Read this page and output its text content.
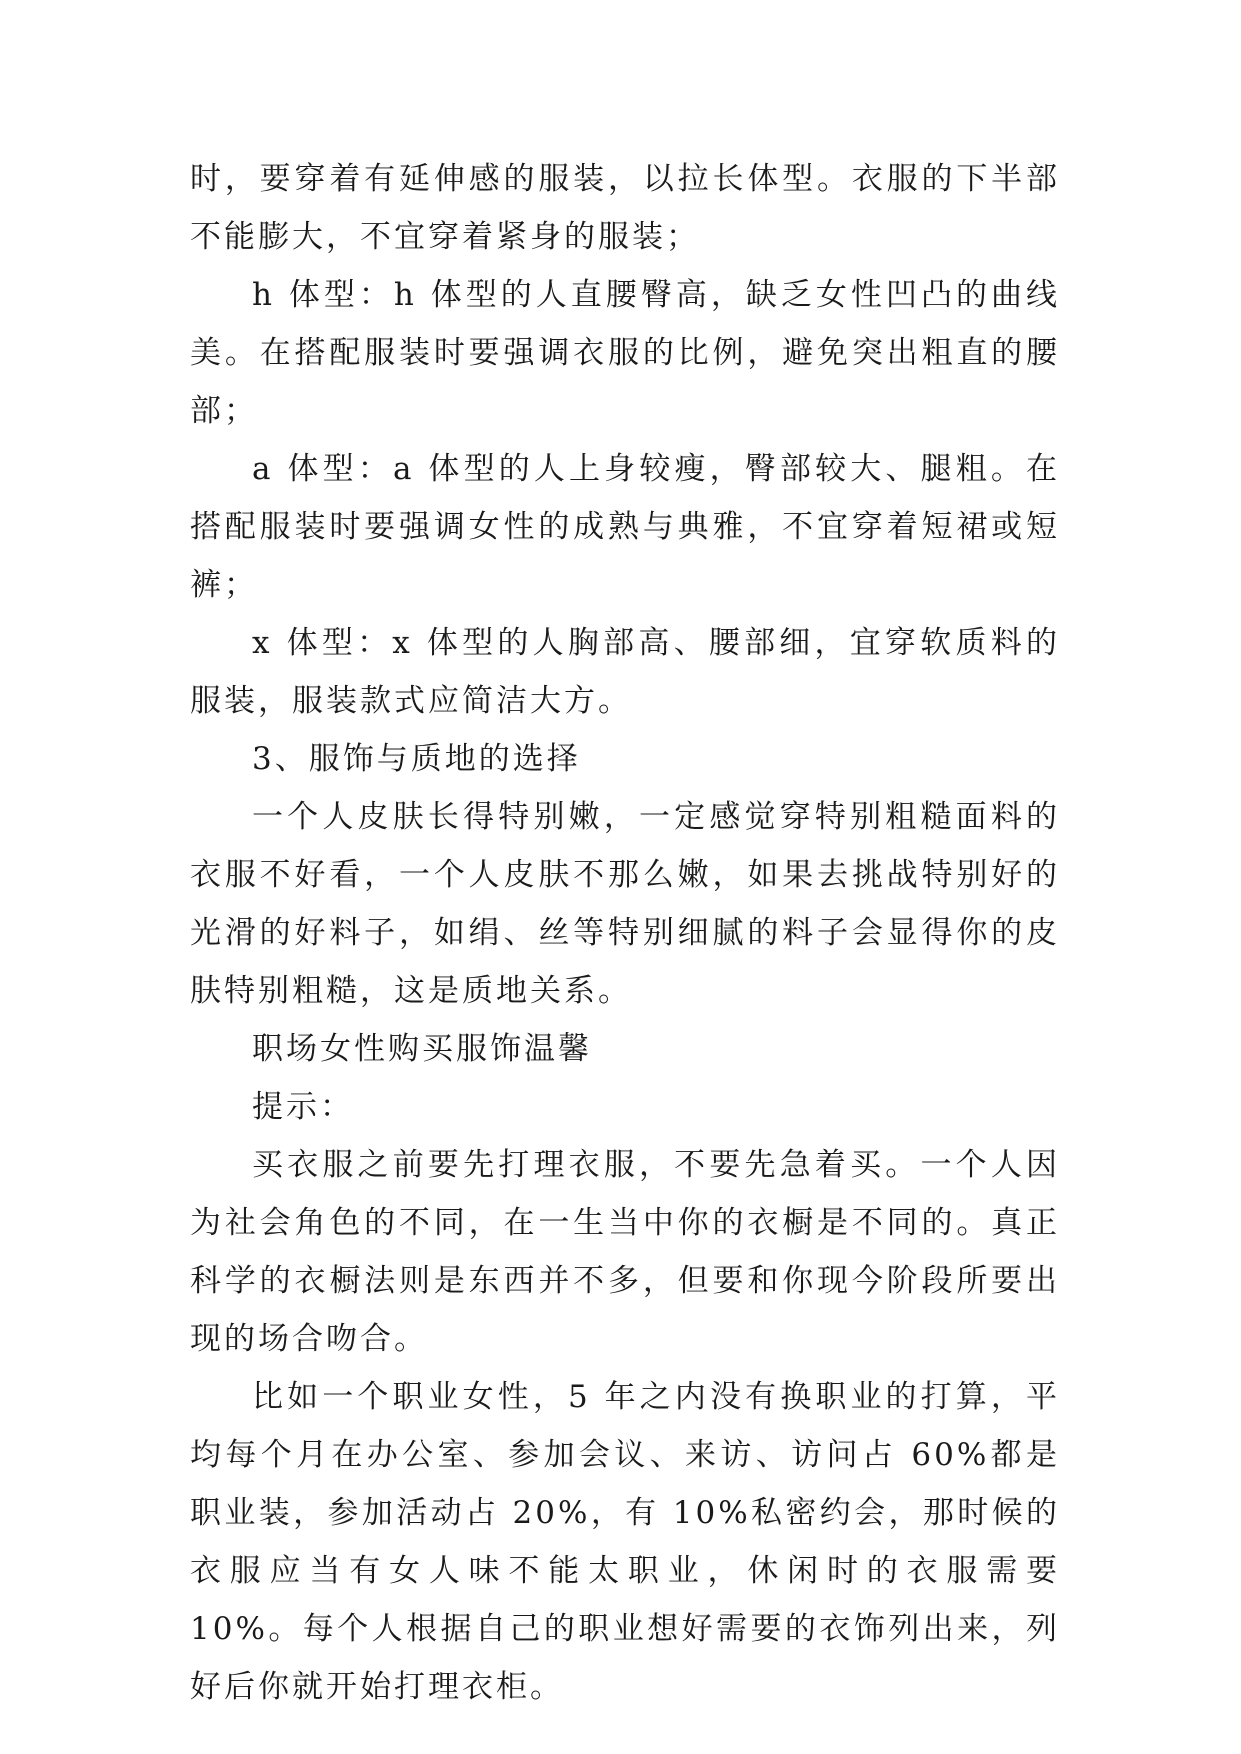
时，要穿着有延伸感的服装，以拉长体型。衣服的下半部不能膨大，不宜穿着紧身的服装；

h 体型：h 体型的人直腰臀高，缺乏女性凹凸的曲线美。在搭配服装时要强调衣服的比例，避免突出粗直的腰部；

a 体型：a 体型的人上身较瘦，臀部较大、腿粗。在搭配服装时要强调女性的成熟与典雅，不宜穿着短裙或短裤；

x 体型：x 体型的人胸部高、腰部细，宜穿软质料的服装，服装款式应简洁大方。

3、服饰与质地的选择

一个人皮肤长得特别嫩，一定感觉穿特别粗糙面料的衣服不好看，一个人皮肤不那么嫩，如果去挑战特别好的光滑的好料子，如绢、丝等特别细腻的料子会显得你的皮肤特别粗糙，这是质地关系。

职场女性购买服饰温馨

提示：

买衣服之前要先打理衣服，不要先急着买。一个人因为社会角色的不同，在一生当中你的衣橱是不同的。真正科学的衣橱法则是东西并不多，但要和你现今阶段所要出现的场合吻合。

比如一个职业女性，5 年之内没有换职业的打算，平均每个月在办公室、参加会议、来访、访问占 60%都是职业装，参加活动占 20%，有 10%私密约会，那时候的衣服应当有女人味不能太职业，休闲时的衣服需要 10%。每个人根据自己的职业想好需要的衣饰列出来，列好后你就开始打理衣柜。
